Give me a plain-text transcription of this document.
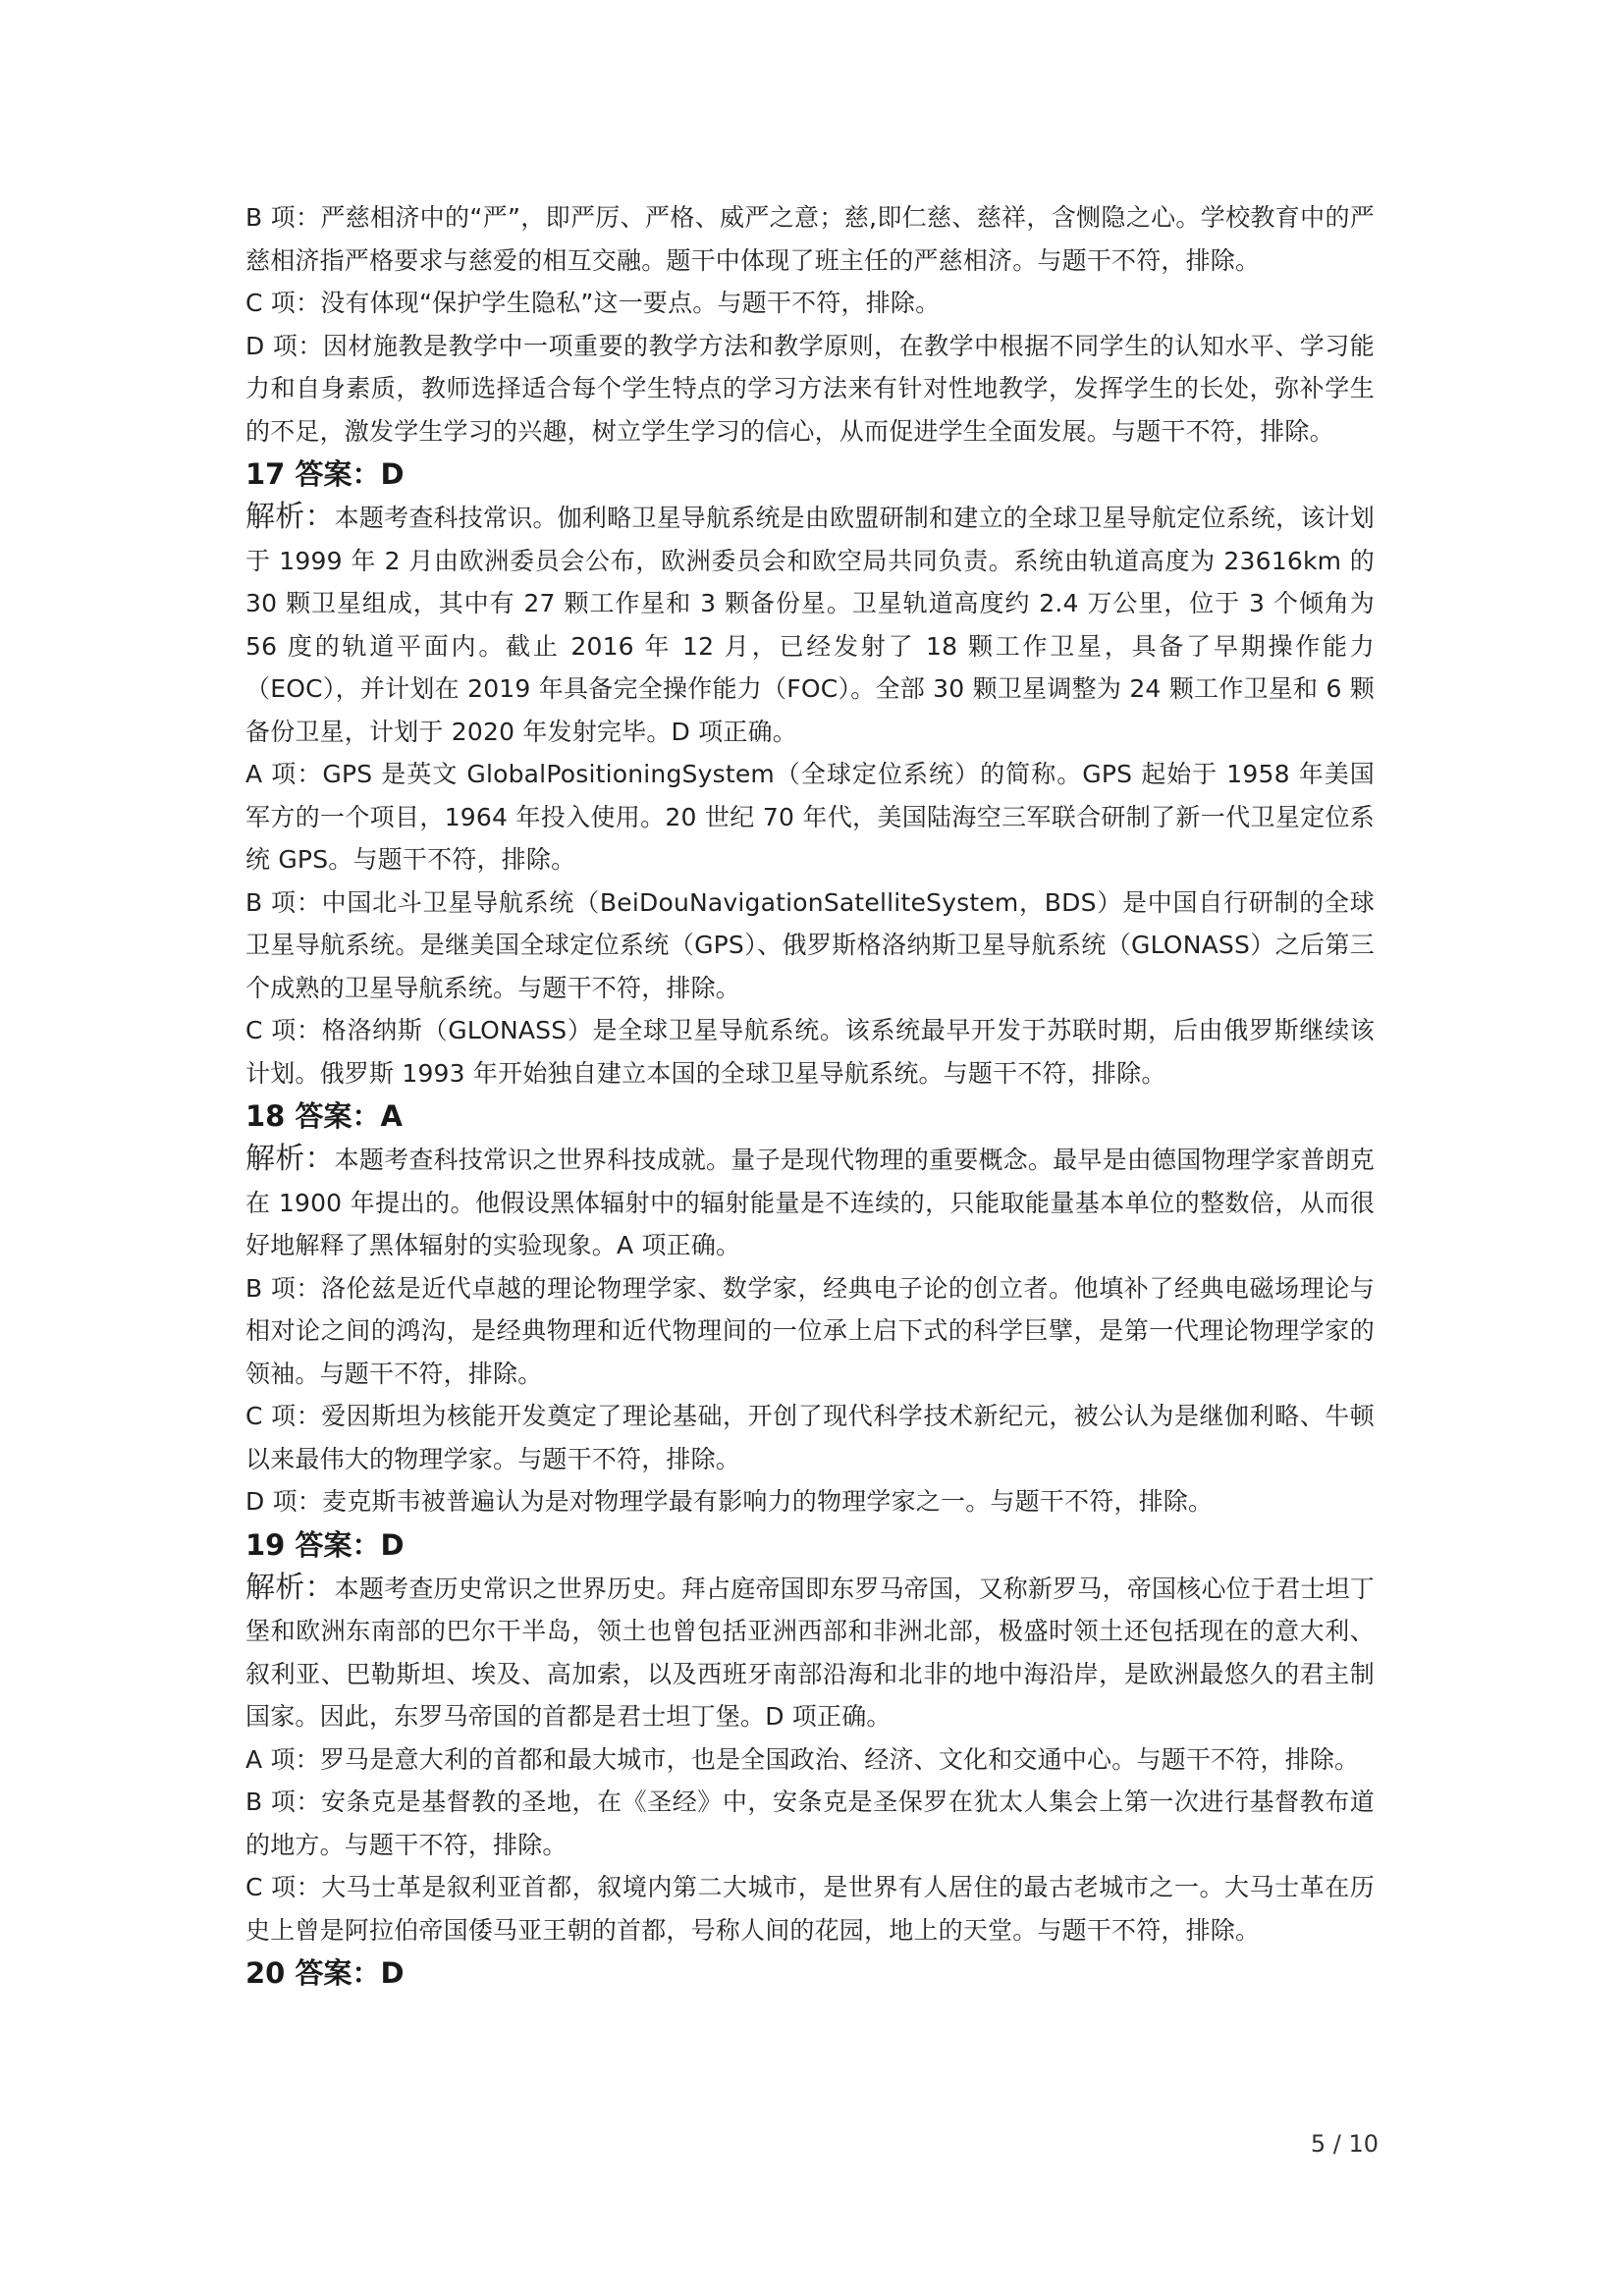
B 项：严慈相济中的“严”，即严厉、严格、威严之意；慈,即仁慈、慈祥，含恻隐之心。学校教育中的严慈相济指严格要求与慈爱的相互交融。题干中体现了班主任的严慈相济。与题干不符，排除。

C 项：没有体现“保护学生隐私”这一要点。与题干不符，排除。

D 项：因材施教是教学中一项重要的教学方法和教学原则，在教学中根据不同学生的认知水平、学习能力和自身素质，教师选择适合每个学生特点的学习方法来有针对性地教学，发挥学生的长处，弥补学生的不足，激发学生学习的兴趣，树立学生学习的信心，从而促进学生全面发展。与题干不符，排除。

17 答案：D

解析：本题考查科技常识。伽利略卫星导航系统是由欧盟研制和建立的全球卫星导航定位系统，该计划于 1999 年 2 月由欧洲委员会公布，欧洲委员会和欧空局共同负责。系统由轨道高度为 23616km 的 30 颗卫星组成，其中有 27 颗工作星和 3 颗备份星。卫星轨道高度约 2.4 万公里，位于 3 个倾角为 56 度的轨道平面内。截止 2016 年 12 月，已经发射了 18 颗工作卫星，具备了早期操作能力（EOC），并计划在 2019 年具备完全操作能力（FOC）。全部 30 颗卫星调整为 24 颗工作卫星和 6 颗备份卫星，计划于 2020 年发射完毕。D 项正确。

A 项：GPS 是英文 GlobalPositioningSystem（全球定位系统）的简称。GPS 起始于 1958 年美国军方的一个项目，1964 年投入使用。20 世纪 70 年代，美国陆海空三军联合研制了新一代卫星定位系统 GPS。与题干不符，排除。

B 项：中国北斗卫星导航系统（BeiDouNavigationSatelliteSystem，BDS）是中国自行研制的全球卫星导航系统。是继美国全球定位系统（GPS）、俄罗斯格洛纳斯卫星导航系统（GLONASS）之后第三个成熟的卫星导航系统。与题干不符，排除。

C 项：格洛纳斯（GLONASS）是全球卫星导航系统。该系统最早开发于苏联时期，后由俄罗斯继续该计划。俄罗斯 1993 年开始独自建立本国的全球卫星导航系统。与题干不符，排除。

18 答案：A

解析：本题考查科技常识之世界科技成就。量子是现代物理的重要概念。最早是由德国物理学家普朗克在 1900 年提出的。他假设黑体辐射中的辐射能量是不连续的，只能取能量基本单位的整数倍，从而很好地解释了黑体辐射的实验现象。A 项正确。

B 项：洛伦兹是近代卓越的理论物理学家、数学家，经典电子论的创立者。他填补了经典电磁场理论与相对论之间的鸿沟，是经典物理和近代物理间的一位承上启下式的科学巨擘，是第一代理论物理学家的领袖。与题干不符，排除。

C 项：爱因斯坦为核能开发奠定了理论基础，开创了现代科学技术新纪元，被公认为是继伽利略、牛顿以来最伟大的物理学家。与题干不符，排除。

D 项：麦克斯韦被普遍认为是对物理学最有影响力的物理学家之一。与题干不符，排除。

19 答案：D

解析：本题考查历史常识之世界历史。拜占庭帝国即东罗马帝国，又称新罗马，帝国核心位于君士坦丁堡和欧洲东南部的巴尔干半岛，领土也曾包括亚洲西部和非洲北部，极盛时领土还包括现在的意大利、叙利亚、巴勒斯坦、埃及、高加索，以及西班牙南部沿海和北非的地中海沿岸，是欧洲最悠久的君主制国家。因此，东罗马帝国的首都是君士坦丁堡。D 项正确。

A 项：罗马是意大利的首都和最大城市，也是全国政治、经济、文化和交通中心。与题干不符，排除。

B 项：安条克是基督教的圣地，在《圣经》中，安条克是圣保罗在犹太人集会上第一次进行基督教布道的地方。与题干不符，排除。

C 项：大马士革是叙利亚首都，叙境内第二大城市，是世界有人居住的最古老城市之一。大马士革在历史上曾是阿拉伯帝国倭马亚王朝的首都，号称人间的花园，地上的天堂。与题干不符，排除。

20 答案：D

5 / 10
